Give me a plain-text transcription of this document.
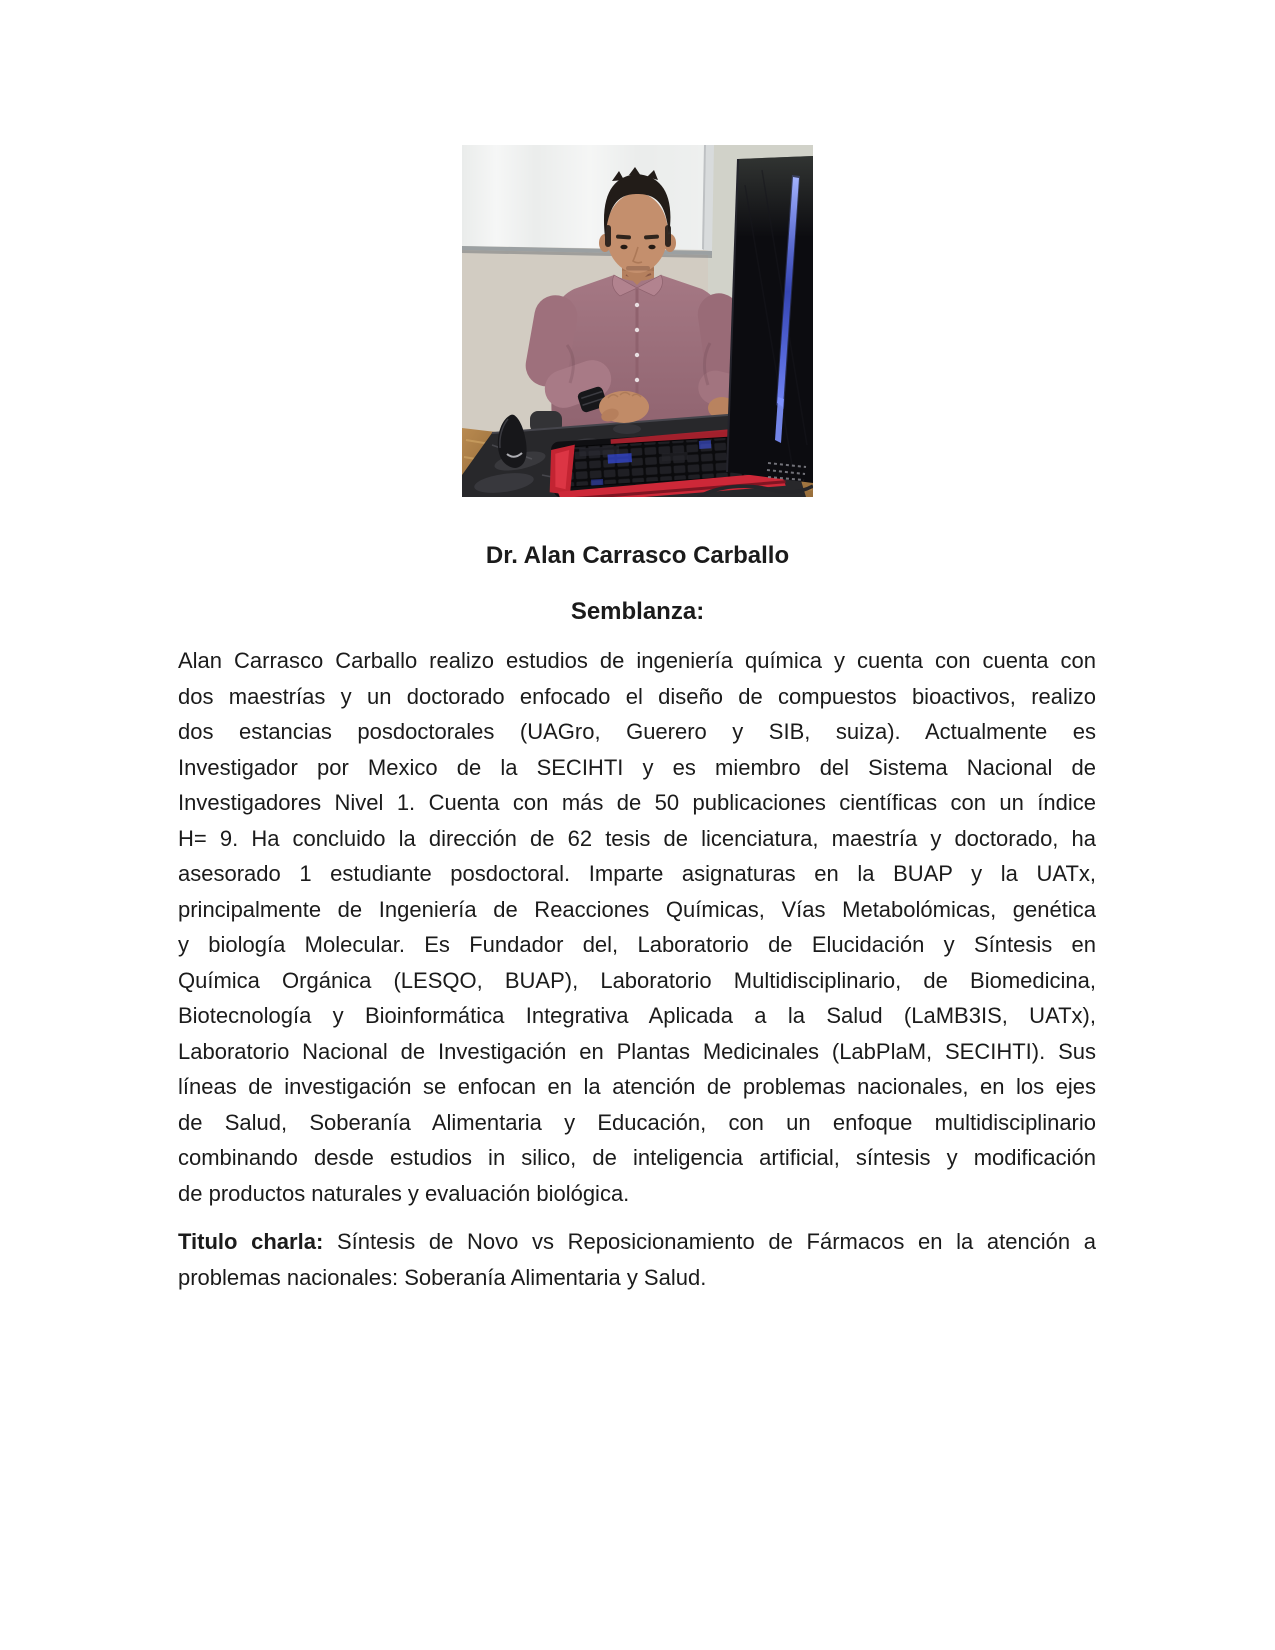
Dr. Alan Carrasco Carballo
Semblanza:
Alan Carrasco Carballo realizo estudios de ingeniería química y cuenta con cuenta con
dos maestrías y un doctorado enfocado el diseño de compuestos bioactivos, realizo
dos estancias posdoctorales (UAGro, Guerero y SIB, suiza). Actualmente es
Investigador por Mexico de la SECIHTI y es miembro del Sistema Nacional de
Investigadores Nivel 1. Cuenta con más de 50 publicaciones científicas con un índice
H= 9. Ha concluido la dirección de 62 tesis de licenciatura, maestría y doctorado, ha
asesorado 1 estudiante posdoctoral. Imparte asignaturas en la BUAP y la UATx,
principalmente de Ingeniería de Reacciones Químicas, Vías Metabolómicas, genética
y biología Molecular. Es Fundador del, Laboratorio de Elucidación y Síntesis en
Química Orgánica (LESQO, BUAP), Laboratorio Multidisciplinario, de Biomedicina,
Biotecnología y Bioinformática Integrativa Aplicada a la Salud (LaMB3IS, UATx),
Laboratorio Nacional de Investigación en Plantas Medicinales (LabPlaM, SECIHTI). Sus
líneas de investigación se enfocan en la atención de problemas nacionales, en los ejes
de Salud, Soberanía Alimentaria y Educación, con un enfoque multidisciplinario
combinando desde estudios in silico, de inteligencia artificial, síntesis y modificación
de productos naturales y evaluación biológica.
Titulo charla: Síntesis de Novo vs Reposicionamiento de Fármacos en la atención a
problemas nacionales: Soberanía Alimentaria y Salud.
